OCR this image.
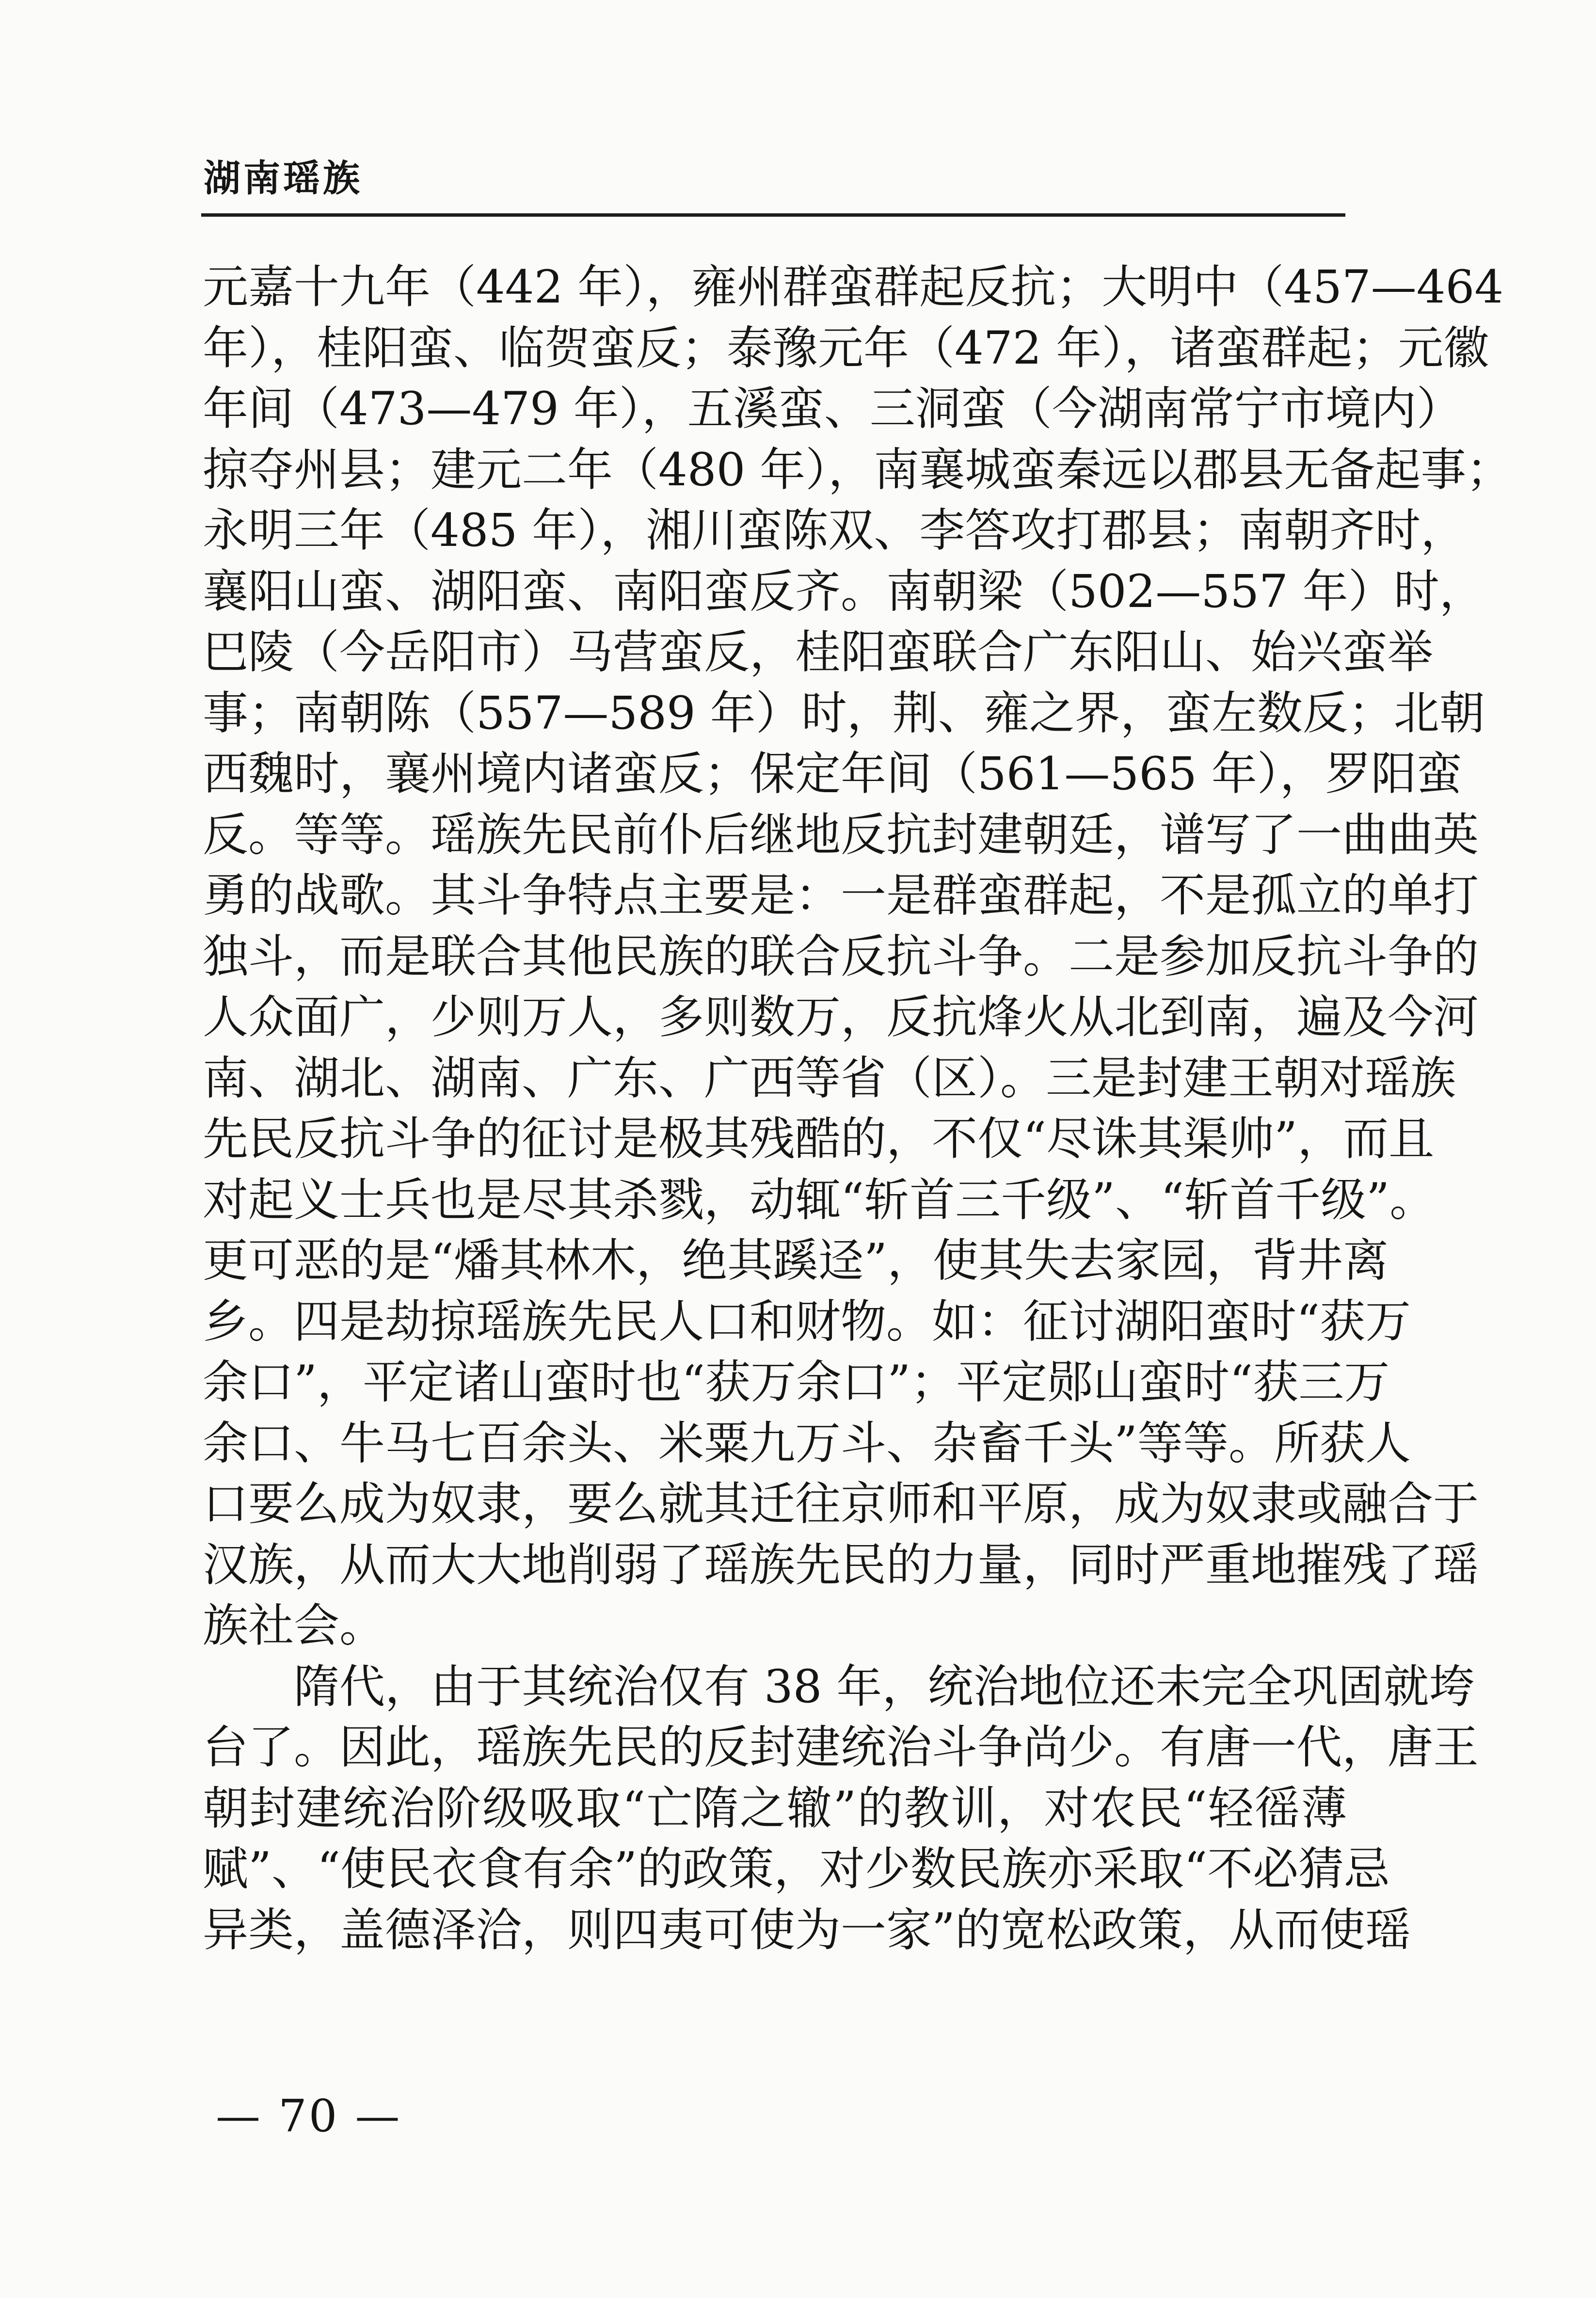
湖南瑶族
元嘉十九年（442 年），雍州群蛮群起反抗；大明中（457—464
年），桂阳蛮、临贺蛮反；泰豫元年（472 年），诸蛮群起；元徽
年间（473—479 年），五溪蛮、三洞蛮（今湖南常宁市境内）
掠夺州县；建元二年（480 年），南襄城蛮秦远以郡县无备起事；
永明三年（485 年），湘川蛮陈双、李答攻打郡县；南朝齐时，
襄阳山蛮、湖阳蛮、南阳蛮反齐。南朝梁（502—557 年）时，
巴陵（今岳阳市）马营蛮反，桂阳蛮联合广东阳山、始兴蛮举
事；南朝陈（557—589 年）时，荆、雍之界，蛮左数反；北朝
西魏时，襄州境内诸蛮反；保定年间（561—565 年），罗阳蛮
反。等等。瑶族先民前仆后继地反抗封建朝廷，谱写了一曲曲英
勇的战歌。其斗争特点主要是：一是群蛮群起，不是孤立的单打
独斗，而是联合其他民族的联合反抗斗争。二是参加反抗斗争的
人众面广，少则万人，多则数万，反抗烽火从北到南，遍及今河
南、湖北、湖南、广东、广西等省（区）。三是封建王朝对瑶族
先民反抗斗争的征讨是极其残酷的，不仅“尽诛其渠帅”，而且
对起义士兵也是尽其杀戮，动辄“斩首三千级”、“斩首千级”。
更可恶的是“燔其林木，绝其蹊迳”，使其失去家园，背井离
乡。四是劫掠瑶族先民人口和财物。如：征讨湖阳蛮时“获万
余口”，平定诸山蛮时也“获万余口”；平定郧山蛮时“获三万
余口、牛马七百余头、米粟九万斗、杂畜千头”等等。所获人
口要么成为奴隶，要么就其迁往京师和平原，成为奴隶或融合于
汉族，从而大大地削弱了瑶族先民的力量，同时严重地摧残了瑶
族社会。
隋代，由于其统治仅有 38 年，统治地位还未完全巩固就垮
台了。因此，瑶族先民的反封建统治斗争尚少。有唐一代，唐王
朝封建统治阶级吸取“亡隋之辙”的教训，对农民“轻徭薄
赋”、“使民衣食有余”的政策，对少数民族亦采取“不必猜忌
异类，盖德泽洽，则四夷可使为一家”的宽松政策，从而使瑶
— 70 —
